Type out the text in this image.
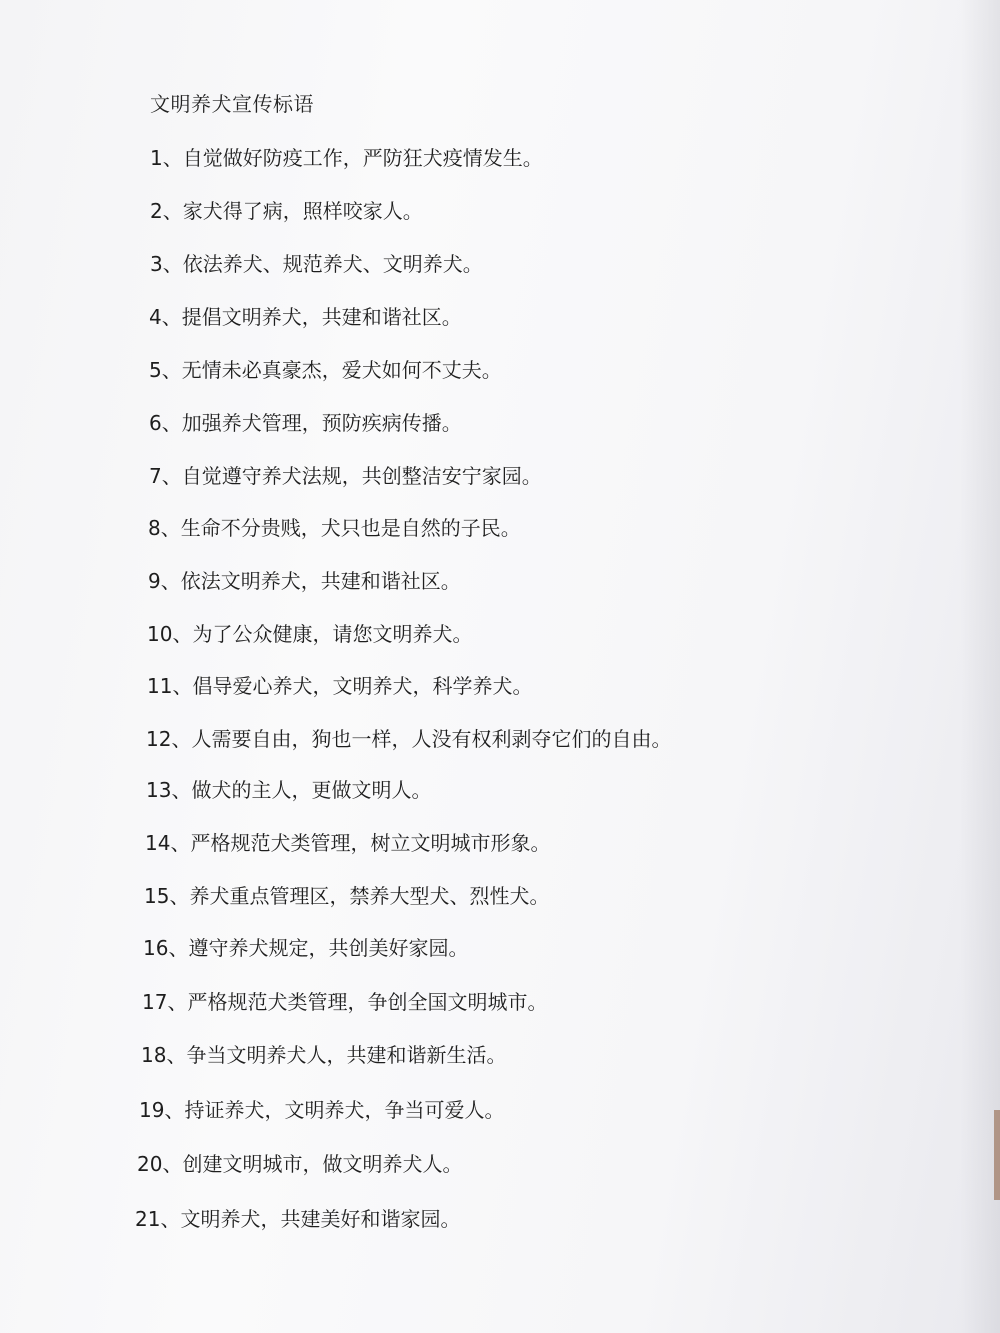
文明养犬宣传标语
1、自觉做好防疫工作，严防狂犬疫情发生。
2、家犬得了病，照样咬家人。
3、依法养犬、规范养犬、文明养犬。
4、提倡文明养犬，共建和谐社区。
5、无情未必真豪杰，爱犬如何不丈夫。
6、加强养犬管理，预防疾病传播。
7、自觉遵守养犬法规，共创整洁安宁家园。
8、生命不分贵贱，犬只也是自然的子民。
9、依法文明养犬，共建和谐社区。
10、为了公众健康，请您文明养犬。
11、倡导爱心养犬，文明养犬，科学养犬。
12、人需要自由，狗也一样，人没有权利剥夺它们的自由。
13、做犬的主人，更做文明人。
14、严格规范犬类管理，树立文明城市形象。
15、养犬重点管理区，禁养大型犬、烈性犬。
16、遵守养犬规定，共创美好家园。
17、严格规范犬类管理，争创全国文明城市。
18、争当文明养犬人，共建和谐新生活。
19、持证养犬，文明养犬，争当可爱人。
20、创建文明城市，做文明养犬人。
21、文明养犬，共建美好和谐家园。
